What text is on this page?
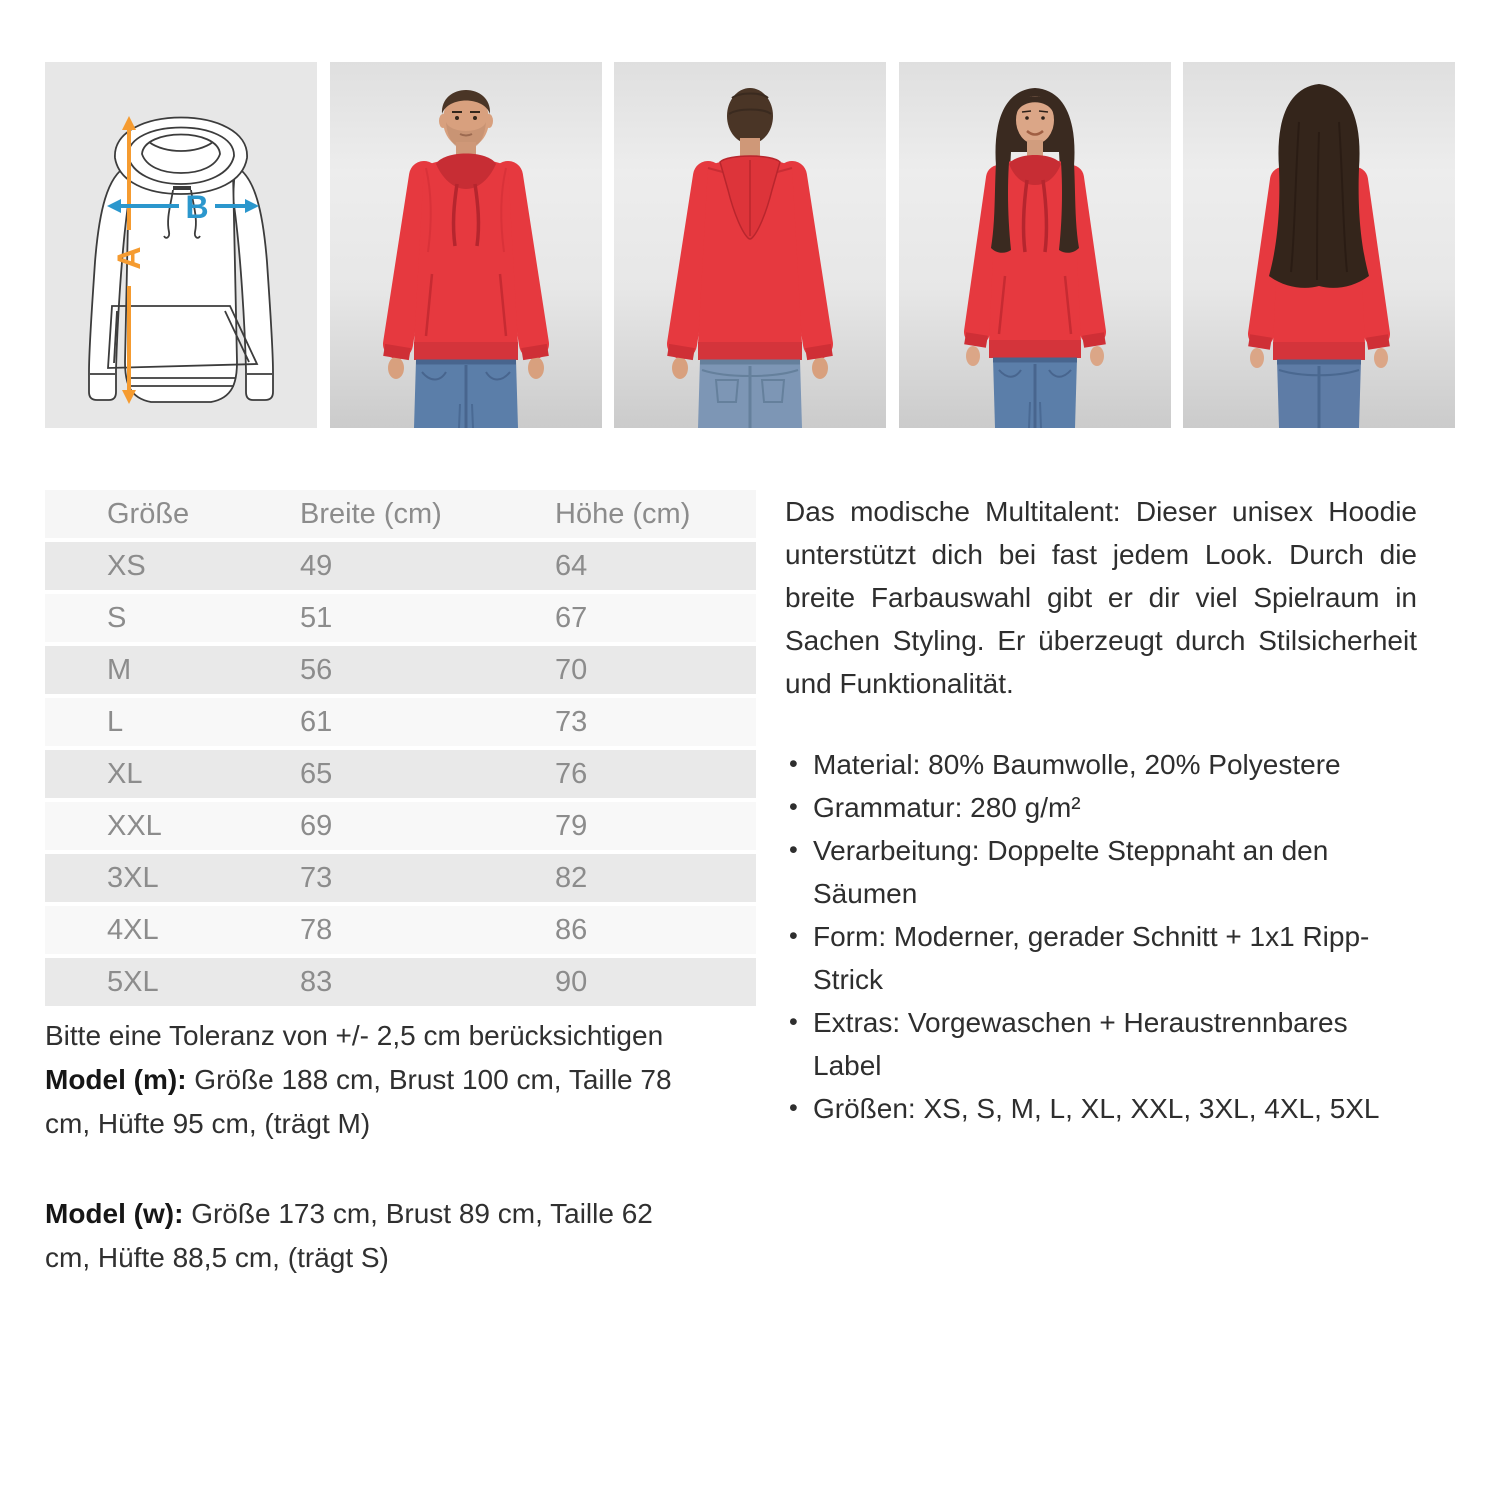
A
B
Größe	Breite (cm)	Höhe (cm)
XS	49	64
S	51	67
M	56	70
L	61	73
XL	65	76
XXL	69	79
3XL	73	82
4XL	78	86
5XL	83	90

Bitte eine Toleranz von +/- 2,5 cm berücksichtigen

Model (m): Größe 188 cm, Brust 100 cm, Taille 78
cm, Hüfte 95 cm, (trägt M)

Model (w): Größe 173 cm, Brust 89 cm, Taille 62
cm, Hüfte 88,5 cm, (trägt S)

Das modische Multitalent: Dieser unisex Hoodie unterstützt dich bei fast jedem Look. Durch die breite Farbauswahl gibt er dir viel Spielraum in Sachen Styling. Er überzeugt durch Stilsicherheit und Funktionalität.

• Material: 80% Baumwolle, 20% Polyestere
• Grammatur: 280 g/m²
• Verarbeitung: Doppelte Steppnaht an den Säumen
• Form: Moderner, gerader Schnitt + 1x1 Ripp-Strick
• Extras: Vorgewaschen + Heraustrennbares Label
• Größen: XS, S, M, L, XL, XXL, 3XL, 4XL, 5XL
